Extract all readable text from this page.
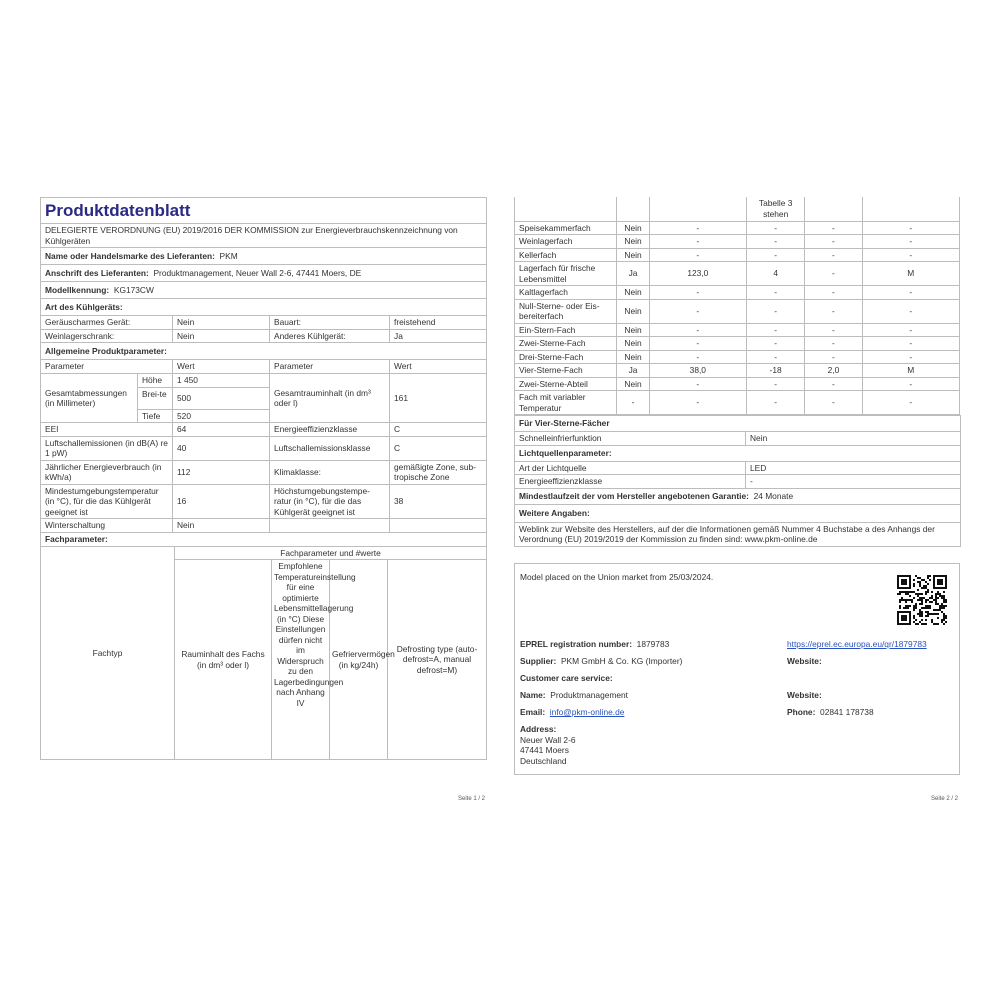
Produktdatenblatt				
DELEGIERTE VERORDNUNG (EU) 2019/2016 DER KOMMISSION zur Energieverbrauchskennzeichnung von Kühlgeräten				
Name oder Handelsmarke des Lieferanten: PKM				
Anschrift des Lieferanten: Produktmanagement, Neuer Wall 2-6, 47441 Moers, DE				
Modellkennung: KG173CW				
Art des Kühlgeräts:				
Geräuscharmes Gerät:		Nein	Bauart:	freistehend
Weinlagerschrank:		Nein	Anderes Kühlgerät:	Ja
Allgemeine Produktparameter:				
Parameter		Wert	Parameter	Wert
Gesamtabmessungen (in Millimeter)	Höhe	1 450	Gesamtrauminhalt (in dm³ oder l)	161
	Brei-te	500		
	Tiefe	520		
EEI		64	Energieeffizienzklasse	C
Luftschallemissionen (in dB(A) re 1 pW)		40	Luftschallemissionsklasse	C
Jährlicher Energieverbrauch (in kWh/a)		112	Klimaklasse:	gemäßigte Zone, sub-tropische Zone
Mindestumgebungstemperatur (in °C), für die das Kühlgerät geeignet ist		16	Höchstumgebungstempe-ratur (in °C), für die das Kühlgerät geeignet ist	38
Winterschaltung		Nein		
Fachparameter:				
Fachtyp	Fachparameter und #werte			
	Rauminhalt des Fachs (in dm³ oder l)	Empfohlene Temperatureinstellung für eine optimierte Lebensmittellagerung (in °C) Diese Einstellungen dürfen nicht im Widerspruch zu den Lagerbedingungen nach Anhang IV	Gefriervermögen (in kg/24h)	Defrosting type (auto-defrost=A, manual defrost=M)
Seite 1 / 2
			Tabelle 3 stehen		
Speisekammerfach	Nein	-	-	-	-
Weinlagerfach	Nein	-	-	-	-
Kellerfach	Nein	-	-	-	-
Lagerfach für frische Lebensmittel	Ja	123,0	4	-	M
Kaltlagerfach	Nein	-	-	-	-
Null-Sterne- oder Eis-bereiterfach	Nein	-	-	-	-
Ein-Stern-Fach	Nein	-	-	-	-
Zwei-Sterne-Fach	Nein	-	-	-	-
Drei-Sterne-Fach	Nein	-	-	-	-
Vier-Sterne-Fach	Ja	38,0	-18	2,0	M
Zwei-Sterne-Abteil	Nein	-	-	-	-
Fach mit variabler Temperatur	-	-	-	-	-
Für Vier-Sterne-Fächer	
Schnelleinfrierfunktion	Nein
Lichtquellenparameter:	
Art der Lichtquelle	LED
Energieeffizienzklasse	-
Mindestlaufzeit der vom Hersteller angebotenen Garantie: 24 Monate	
Weitere Angaben:	
Weblink zur Website des Herstellers, auf der die Informationen gemäß Nummer 4 Buchstabe a des Anhangs der Verordnung (EU) 2019/2019 der Kommission zu finden sind: www.pkm-online.de	
Model placed on the Union market from 25/03/2024.
EPREL registration number: 1879783	https://eprel.ec.europa.eu/qr/1879783
Supplier: PKM GmbH & Co. KG (Importer)	Website:
Customer care service:
Name: Produktmanagement	Website:
Email: info@pkm-online.de	Phone: 02841 178738
Address:
Neuer Wall 2-6
47441 Moers
Deutschland
Seite 2 / 2
